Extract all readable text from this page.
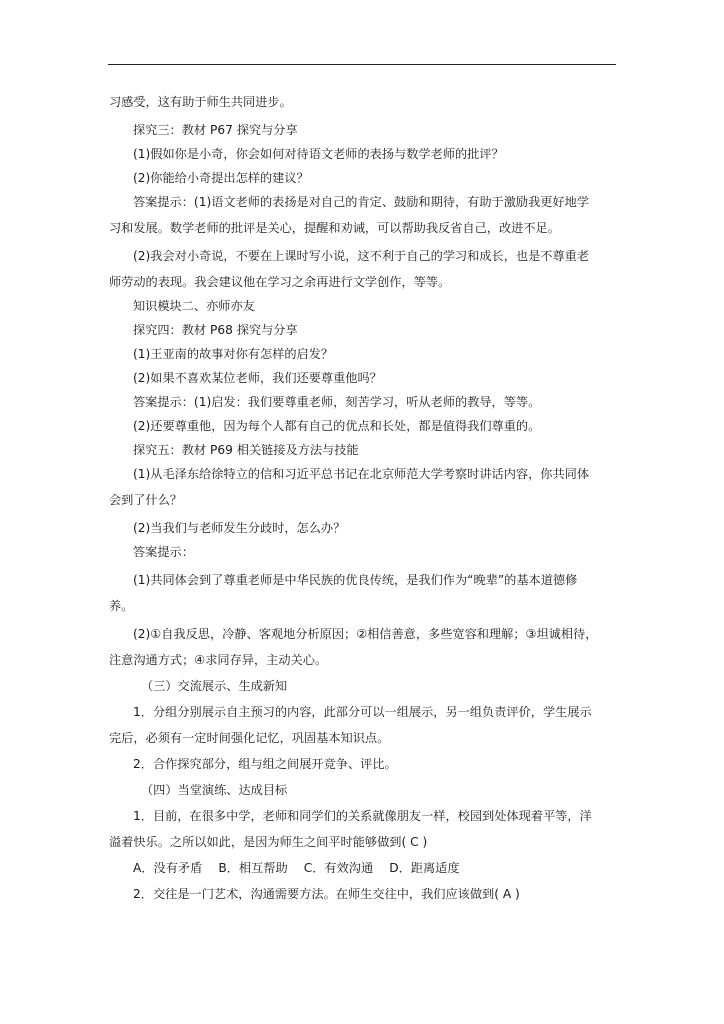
习感受，这有助于师生共同进步。

探究三：教材 P67 探究与分享

(1)假如你是小奇，你会如何对待语文老师的表扬与数学老师的批评？

(2)你能给小奇提出怎样的建议？

答案提示：(1)语文老师的表扬是对自己的肯定、鼓励和期待，有助于激励我更好地学

习和发展。数学老师的批评是关心，提醒和劝诫，可以帮助我反省自己，改进不足。

(2)我会对小奇说，不要在上课时写小说，这不利于自己的学习和成长，也是不尊重老

师劳动的表现。我会建议他在学习之余再进行文学创作，等等。

知识模块二、亦师亦友

探究四：教材 P68 探究与分享

(1)王亚南的故事对你有怎样的启发？

(2)如果不喜欢某位老师，我们还要尊重他吗？

答案提示：(1)启发：我们要尊重老师，刻苦学习，听从老师的教导，等等。

(2)还要尊重他，因为每个人都有自己的优点和长处，都是值得我们尊重的。

探究五：教材 P69 相关链接及方法与技能

(1)从毛泽东给徐特立的信和习近平总书记在北京师范大学考察时讲话内容，你共同体

会到了什么？

(2)当我们与老师发生分歧时，怎么办？

答案提示：

(1)共同体会到了尊重老师是中华民族的优良传统，是我们作为“晚辈”的基本道德修

养。

(2)①自我反思，冷静、客观地分析原因；②相信善意，多些宽容和理解；③坦诚相待，

注意沟通方式；④求同存异，主动关心。

（三）交流展示、生成新知

1．分组分别展示自主预习的内容，此部分可以一组展示，另一组负责评价，学生展示

完后，必须有一定时间强化记忆，巩固基本知识点。

2．合作探究部分，组与组之间展开竞争、评比。

（四）当堂演练、达成目标

1．目前，在很多中学，老师和同学们的关系就像朋友一样，校园到处体现着平等，洋

溢着快乐。之所以如此，是因为师生之间平时能够做到( C )

A．没有矛盾　 B．相互帮助　 C．有效沟通　 D．距离适度

2．交往是一门艺术，沟通需要方法。在师生交往中，我们应该做到( A )
